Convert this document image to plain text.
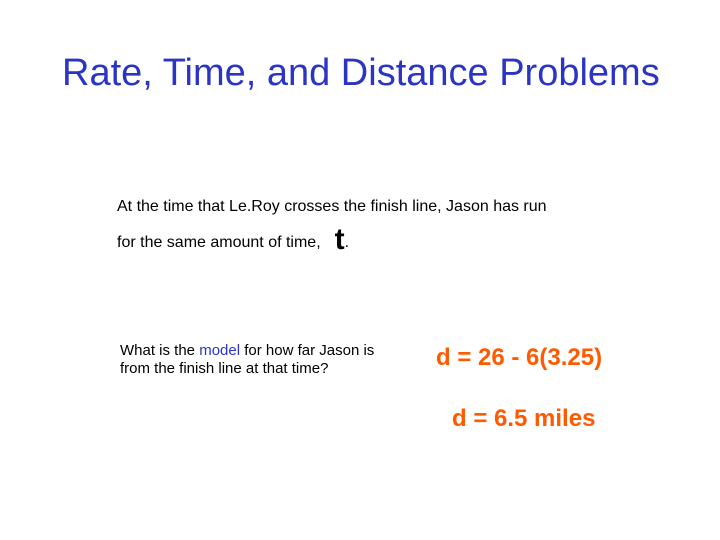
Rate, Time, and Distance Problems
At the time that Le.Roy crosses the finish line, Jason has run
for the same amount of time, t.
What is the model for how far Jason is from the finish line at that time?	d = 26 - 6(3.25)
d = 6.5 miles
